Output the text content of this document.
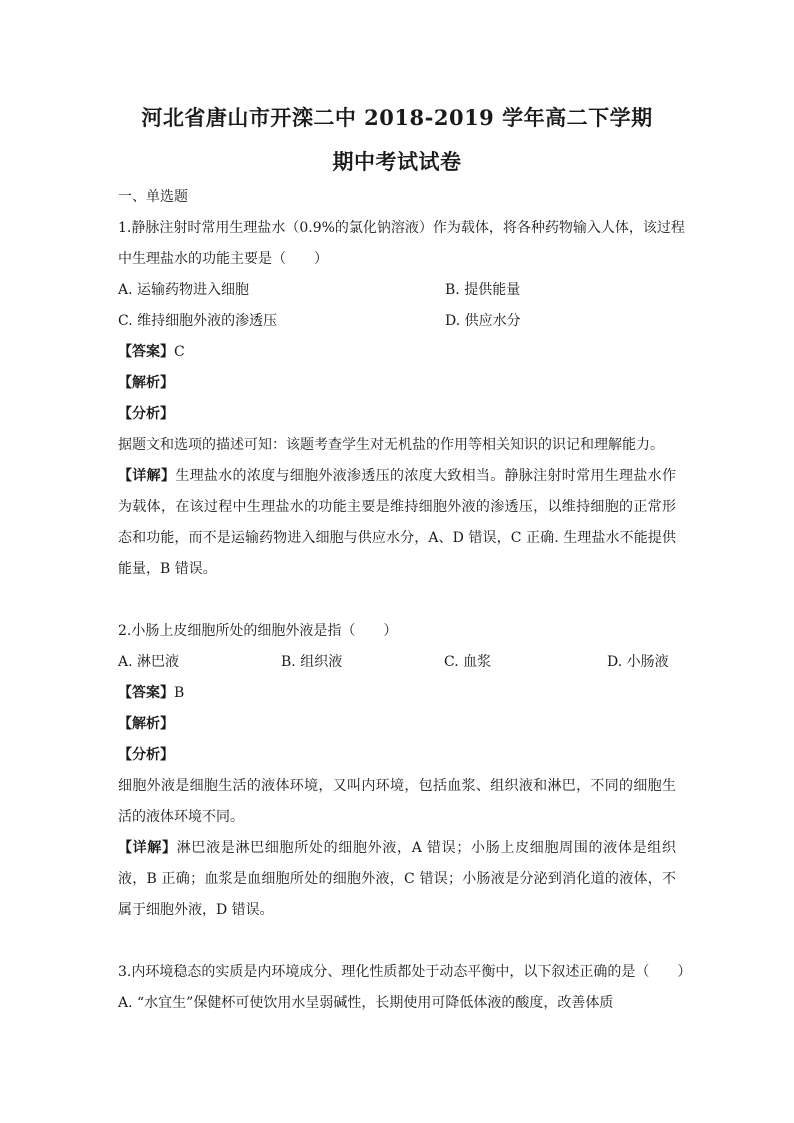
河北省唐山市开滦二中 2018-2019 学年高二下学期
期中考试试卷
一、单选题
1.静脉注射时常用生理盐水（0.9%的氯化钠溶液）作为载体，将各种药物输入人体，该过程
中生理盐水的功能主要是（　　）
A. 运输药物进入细胞	B. 提供能量
C. 维持细胞外液的渗透压	D. 供应水分
【答案】C
【解析】
【分析】
据题文和选项的描述可知：该题考查学生对无机盐的作用等相关知识的识记和理解能力。
【详解】生理盐水的浓度与细胞外液渗透压的浓度大致相当。静脉注射时常用生理盐水作为载体，在该过程中生理盐水的功能主要是维持细胞外液的渗透压，以维持细胞的正常形态和功能，而不是运输药物进入细胞与供应水分，A、D 错误，C 正确. 生理盐水不能提供能量，B 错误。
2.小肠上皮细胞所处的细胞外液是指（　　）
A. 淋巴液	B. 组织液	C. 血浆	D. 小肠液
【答案】B
【解析】
【分析】
细胞外液是细胞生活的液体环境，又叫内环境，包括血浆、组织液和淋巴，不同的细胞生活的液体环境不同。
【详解】淋巴液是淋巴细胞所处的细胞外液，A 错误；小肠上皮细胞周围的液体是组织液，B 正确；血浆是血细胞所处的细胞外液，C 错误；小肠液是分泌到消化道的液体，不属于细胞外液，D 错误。
3.内环境稳态的实质是内环境成分、理化性质都处于动态平衡中，以下叙述正确的是（　　）
A. “水宜生”保健杯可使饮用水呈弱碱性，长期使用可降低体液的酸度，改善体质
